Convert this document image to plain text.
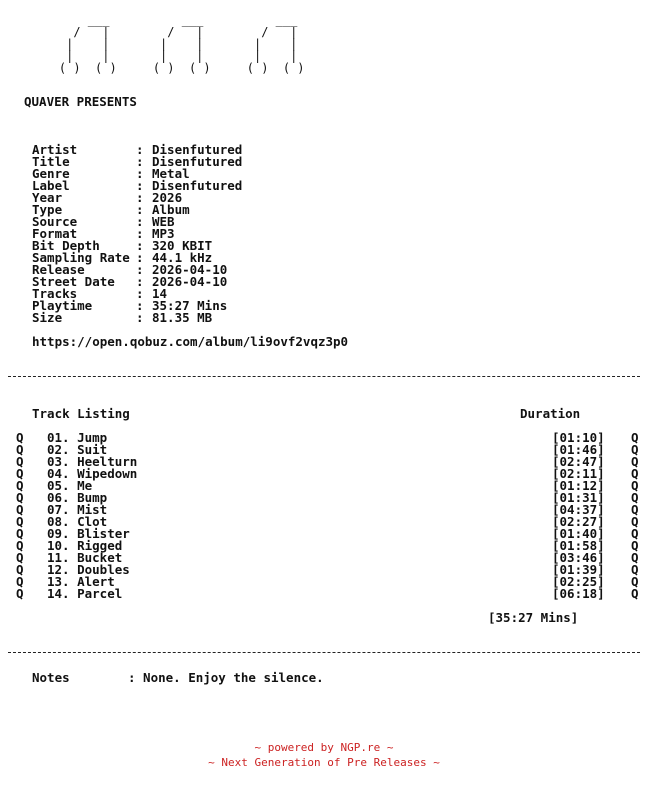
___          ___          ___
/   |        /   |        /   |
|    |       |    |       |    |
|    |       |    |       |    |
( )  ( )     ( )  ( )     ( )  ( )
QUAVER PRESENTS
Artist : Disenfutured
Title : Disenfutured
Genre : Metal
Label : Disenfutured
Year : 2026
Type : Album
Source : WEB
Format : MP3
Bit Depth : 320 KBIT
Sampling Rate : 44.1 kHz
Release : 2026-04-10
Street Date : 2026-04-10
Tracks : 14
Playtime : 35:27 Mins
Size : 81.35 MB
https://open.qobuz.com/album/li9ovf2vqz3p0
Track Listing	Duration
Q 01. Jump	[01:10] Q
Q 02. Suit	[01:46] Q
Q 03. Heelturn	[02:47] Q
Q 04. Wipedown	[02:11] Q
Q 05. Me	[01:12] Q
Q 06. Bump	[01:31] Q
Q 07. Mist	[04:37] Q
Q 08. Clot	[02:27] Q
Q 09. Blister	[01:40] Q
Q 10. Rigged	[01:58] Q
Q 11. Bucket	[03:46] Q
Q 12. Doubles	[01:39] Q
Q 13. Alert	[02:25] Q
Q 14. Parcel	[06:18] Q
[35:27 Mins]
Notes	: None. Enjoy the silence.
~ powered by NGP.re ~
~ Next Generation of Pre Releases ~
